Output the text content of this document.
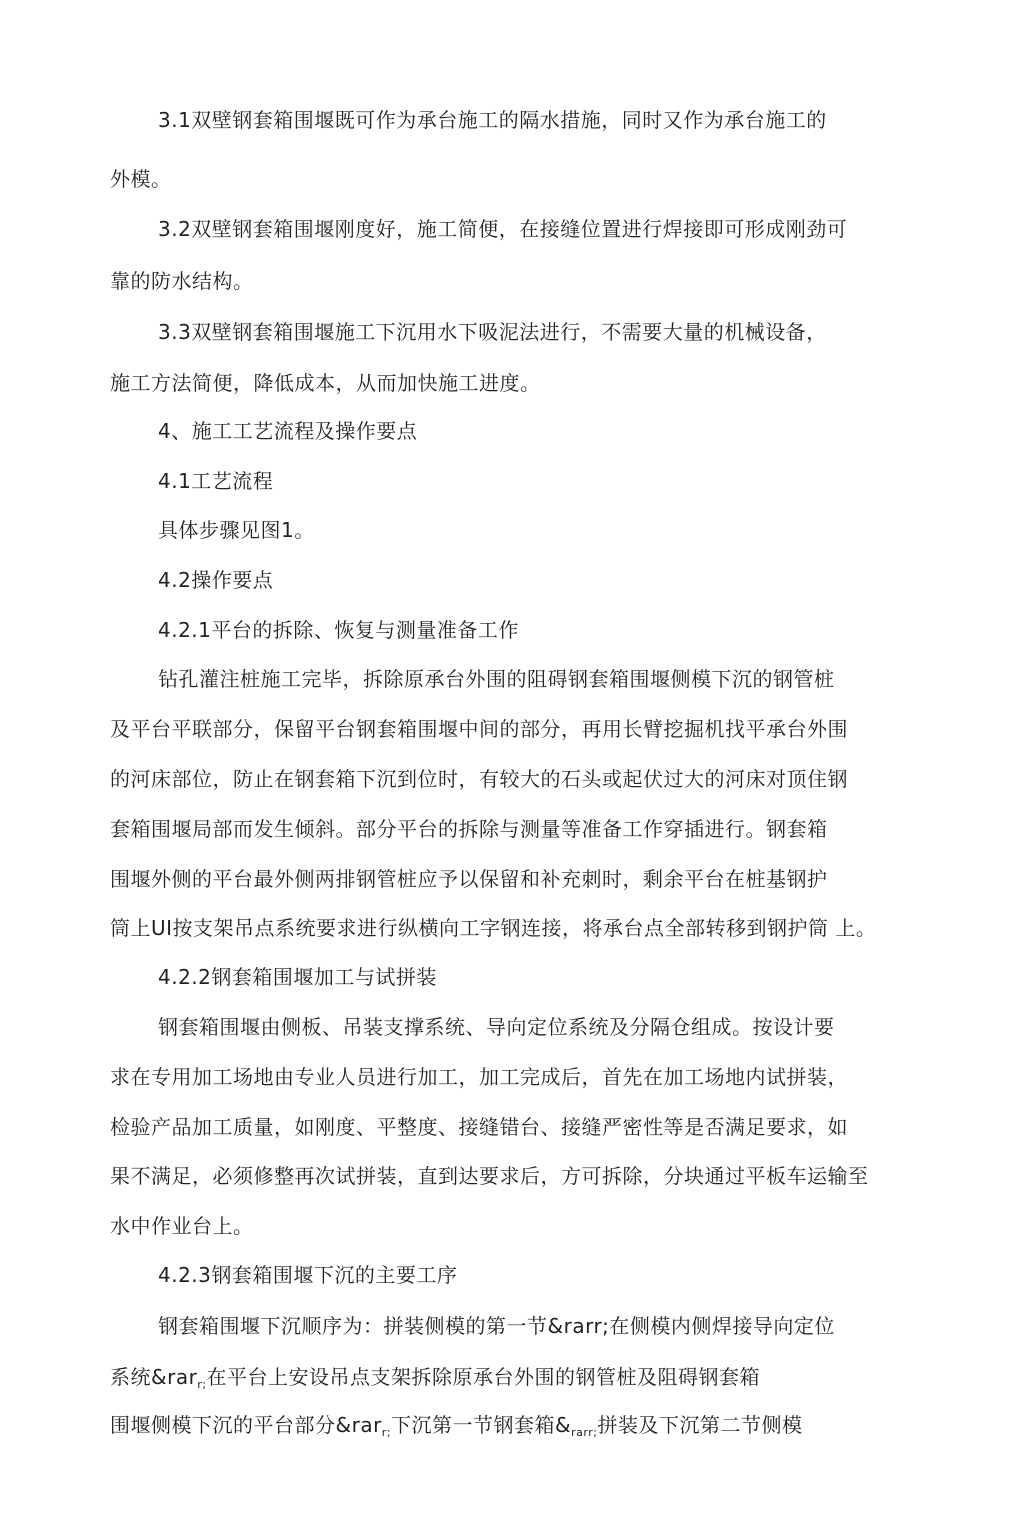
3.1双壁钢套箱围堰既可作为承台施工的隔水措施，同时又作为承台施工的
外模。
3.2双壁钢套箱围堰刚度好，施工简便，在接缝位置进行焊接即可形成刚劲可
靠的防水结构。
3.3双壁钢套箱围堰施工下沉用水下吸泥法进行，不需要大量的机械设备，
施工方法简便，降低成本，从而加快施工进度。
4、施工工艺流程及操作要点
4.1工艺流程
具体步骤见图1。
4.2操作要点
4.2.1平台的拆除、恢复与测量准备工作
钻孔灌注桩施工完毕，拆除原承台外围的阻碍钢套箱围堰侧模下沉的钢管桩
及平台平联部分，保留平台钢套箱围堰中间的部分，再用长臂挖掘机找平承台外围
的河床部位，防止在钢套箱下沉到位时，有较大的石头或起伏过大的河床对顶住钢
套箱围堰局部而发生倾斜。部分平台的拆除与测量等准备工作穿插进行。钢套箱
围堰外侧的平台最外侧两排钢管桩应予以保留和补充刺时，剩余平台在桩基钢护
筒上UI按支架吊点系统要求进行纵横向工字钢连接，将承台点全部转移到钢护筒 上。
4.2.2钢套箱围堰加工与试拼装
钢套箱围堰由侧板、吊装支撑系统、导向定位系统及分隔仓组成。按设计要
求在专用加工场地由专业人员进行加工，加工完成后，首先在加工场地内试拼装，
检验产品加工质量，如刚度、平整度、接缝错台、接缝严密性等是否满足要求，如
果不满足，必须修整再次试拼装，直到达要求后，方可拆除，分块通过平板车运输至
水中作业台上。
4.2.3钢套箱围堰下沉的主要工序
钢套箱围堰下沉顺序为：拼装侧模的第一节&rarr;在侧模内侧焊接导向定位
系统&rar$_{r;}$在平台上安设吊点支架拆除原承台外围的钢管桩及阻碍钢套箱
围堰侧模下沉的平台部分&rar$_{r;}$下沉第一节钢套箱$\&_{rarr;}$拼装及下沉第二节侧模
